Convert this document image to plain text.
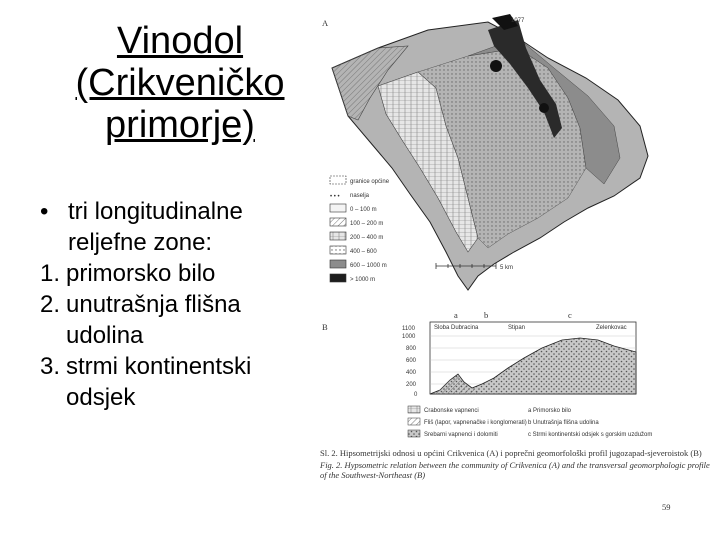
Vinodol
(Crikveničko
primorje)
• tri longitudinalne reljefne zone:
1. primorsko bilo
2. unutrašnja flišna udolina
3. strmi kontinentski odsjek
A	1077
granice općine
• • • naselja
0 – 100 m
100 – 200 m
200 – 400 m
400 – 600
600 – 1000 m
> 1000 m
5 km
B
a	b	c
Sloba Dubracina	Stipan	Zelenkovac
1100
1000
800
600
400
200
0
Crabonske vapnenci
Fliš (lapor, vapnenačke i konglomerati)
Srebarni vapnenci i dolomiti
a Primorsko bilo
b Unutrašnja flišna udolina
c Strmi kontinentski odsjek s gorskim uzdužom
Sl. 2. Hipsometrijski odnosi u općini Crikvenica (A) i poprečni geomorfološki profil jugozapad-sjeveroistok (B)
Fig. 2. Hypsometric relation between the community of Crikvenica (A) and the transversal geomorphologic profile of the Southwest-Northeast (B)
59
